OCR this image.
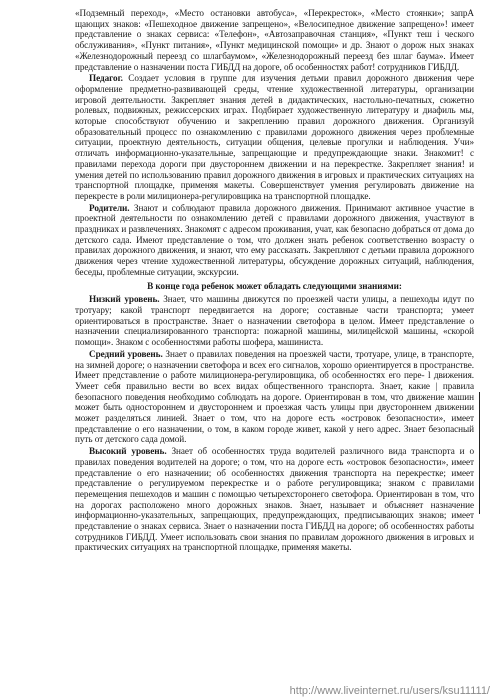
«Подземный переход», «Место остановки автобуса», «Перекресток», «Место стоянки»; запрА щающих знаков: «Пешеходное движение запрещено», «Велосипедное движение запрещено»! имеет представление о знаках сервиса: «Телефон», «Автозаправочная станция», «Пункт теш і ческого обслуживания», «Пункт питания», «Пункт медицинской помощи» и др. Знают о дорож ных знаках «Железнодорожный переезд со шлагбаумом», «Железнодорожный переезд без шлаг баума». Имеет представление о назначении поста ГИБДД на дороге, об особенностях работ! сотрудников ГИБДД.

Педагог. Создает условия в группе для изучения детьми правил дорожного движения чере оформление предметно-развивающей среды, чтение художественной литературы, организации игровой деятельности. Закрепляет знания детей в дидактических, настольно-печатных, сюжетно ролевых, подвижных, режиссерских играх. Подбирает художественную литературу и диафиль мы, которые способствуют обучению и закреплению правил дорожного движения. Организуй образовательный процесс по ознакомлению с правилами дорожного движения через проблемные ситуации, проектную деятельность, ситуации общения, целевые прогулки и наблюдения. Учи» отличать информационно-указательные, запрещающие и предупреждающие знаки. Знакомит! с правилами перехода дороги при двустороннем движении и на перекрестке. Закрепляет знания! и умения детей по использованию правил дорожного движения в игровых и практических ситуациях на транспортной площадке, применяя макеты. Совершенствует умения регулировать движение на перекресте в роли милиционера-регулировщика на транспортной площадке.

Родители. Знают и соблюдают правила дорожного движения. Принимают активное участие в проектной деятельности по ознакомлению детей с правилами дорожного движения, участвуют в праздниках и развлечениях. Знакомят с адресом проживания, учат, как безопасно добраться от дома до детского сада. Имеют представление о том, что должен знать ребенок соответственно возрасту о правилах дорожного движения, и знают, что ему рассказать. Закрепляют с детьми правила дорожного движения через чтение художественной литературы, обсуждение дорожных ситуаций, наблюдения, беседы, проблемные ситуации, экскурсии.

В конце года ребенок может обладать следующими знаниями:

Низкий уровень. Знает, что машины движутся по проезжей части улицы, а пешеходы идут по тротуару; какой транспорт передвигается на дороге; составные части транспорта; умеет ориентироваться в пространстве. Знает о назначении светофора в целом. Имеет представление о назначении специализированного транспорта: пожарной машины, милицейской машины, «скорой помощи». Знаком с особенностями работы шофера, машиниста.

Средний уровень. Знает о правилах поведения на проезжей части, тротуаре, улице, в транспорте, на зимней дороге; о назначении светофора и всех его сигналов, хорошо ориентируется в пространстве. Имеет представление о работе милиционера-регулировщика, об особенностях его пере- l движения. Умеет себя правильно вести во всех видах общественного транспорта. Знает, какие | правила безопасного поведения необходимо соблюдать на дороге. Ориентирован в том, что движение машин может быть одностороннем и двустороннем и проезжая часть улицы при двустороннем движении может разделяться линией. Знает о том, что на дороге есть «островок безопасности», имеет представление о его назначении, о том, в каком городе живет, какой у него адрес. Знает безопасный путь от детского сада домой.

Высокий уровень. Знает об особенностях труда водителей различного вида транспорта и о правилах поведения водителей на дороге; о том, что на дороге есть «островок безопасности», имеет представление о его назначении; об особенностях движения транспорта на перекрестке; имеет представление о регулируемом перекрестке и о работе регулировщика; знаком с правилами перемещения пешеходов и машин с помощью четырехсторонего светофора. Ориентирован в том, что на дорогах расположено много дорожных знаков. Знает, называет и объясняет назначение информационно-указательных, запрещающих, предупреждающих, предписывающих знаков; имеет представление о знаках сервиса. Знает о назначении поста ГИБДД на дороге; об особенностях работы сотрудников ГИБДД. Умеет использовать свои знания по правилам дорожного движения в игровых и практических ситуациях на транспортной площадке, применяя макеты.

http://www.liveinternet.ru/users/ksu11111/
